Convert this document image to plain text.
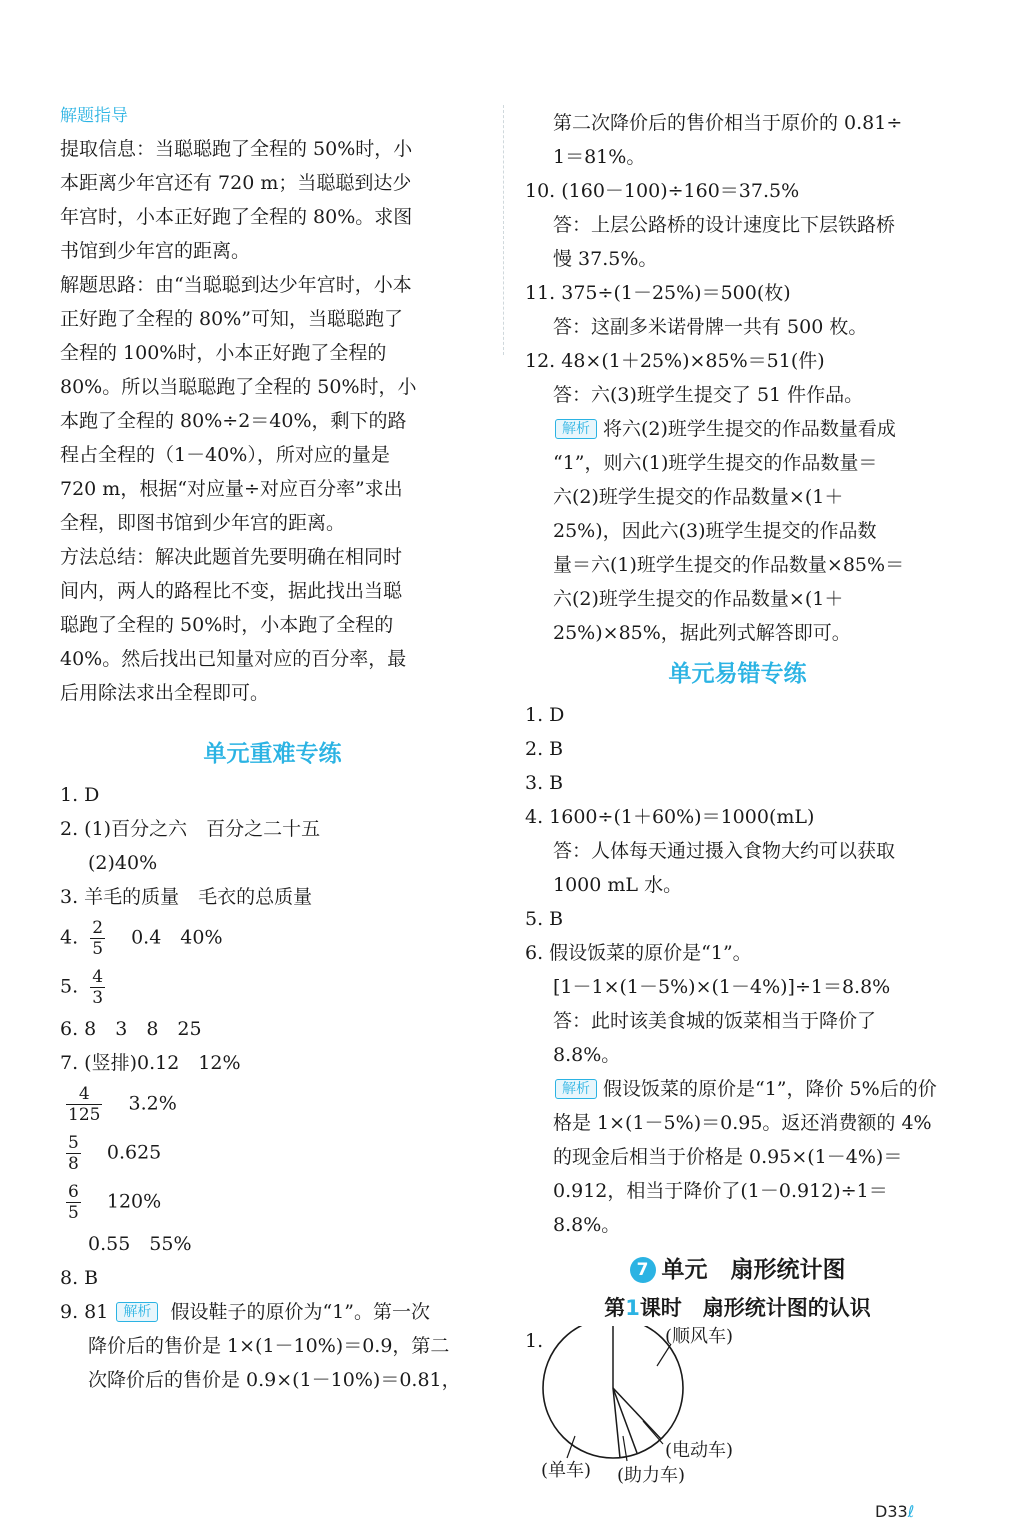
解题指导

提取信息：当聪聪跑了全程的 50%时，小

本距离少年宫还有 720 m；当聪聪到达少

年宫时，小本正好跑了全程的 80%。求图

书馆到少年宫的距离。

解题思路：由“当聪聪到达少年宫时，小本

正好跑了全程的 80%”可知，当聪聪跑了

全程的 100%时，小本正好跑了全程的

80%。所以当聪聪跑了全程的 50%时，小

本跑了全程的 80%÷2＝40%，剩下的路

程占全程的（1－40%），所对应的量是

720 m，根据“对应量÷对应百分率”求出

全程，即图书馆到少年宫的距离。

方法总结：解决此题首先要明确在相同时

间内，两人的路程比不变，据此找出当聪

聪跑了全程的 50%时，小本跑了全程的

40%。然后找出已知量对应的百分率，最

后用除法求出全程即可。

单元重难专练

1. D

2. (1)百分之六　百分之二十五

(2)40%

3. 羊毛的质量　毛衣的总质量

4. $\frac{2}{5} 0.4$　40%
5. $\frac{4}{3}$

6. 8　3　8　25

7. (竖排)0.12　12%

$\frac{4}{125} 3.2\%$
$\frac{5}{8} 0.625$
$\frac{6}{5} 120\%$

0.55　55%

8. B

9. 81 解析 假设鞋子的原价为“1”。第一次

降价后的售价是 1×(1－10%)＝0.9，第二

次降价后的售价是 0.9×(1－10%)＝0.81，

第二次降价后的售价相当于原价的 0.81÷

1＝81%。

10. (160－100)÷160＝37.5%

答：上层公路桥的设计速度比下层铁路桥

慢 37.5%。

11. 375÷(1－25%)＝500(枚)

答：这副多米诺骨牌一共有 500 枚。

12. 48×(1＋25%)×85%＝51(件)

答：六(3)班学生提交了 51 件作品。

解析 将六(2)班学生提交的作品数量看成

“1”，则六(1)班学生提交的作品数量＝

六(2)班学生提交的作品数量×(1＋

25%)，因此六(3)班学生提交的作品数

量＝六(1)班学生提交的作品数量×85%＝

六(2)班学生提交的作品数量×(1＋

25%)×85%，据此列式解答即可。

单元易错专练

1. D

2. B

3. B

4. 1600÷(1＋60%)＝1000(mL)

答：人体每天通过摄入食物大约可以获取

1000 mL 水。

5. B

6. 假设饭菜的原价是“1”。

[1－1×(1－5%)×(1－4%)]÷1＝8.8%

答：此时该美食城的饭菜相当于降价了

8.8%。

解析 假设饭菜的原价是“1”，降价 5%后的价

格是 1×(1－5%)＝0.95。返还消费额的 4%

的现金后相当于价格是 0.95×(1－4%)＝

0.912，相当于降价了(1－0.912)÷1＝

8.8%。

7 单元　扇形统计图

第1课时　扇形统计图的认识

1.	(顺风车)
(电动车)
(助力车)
(单车)
D33ℓ
